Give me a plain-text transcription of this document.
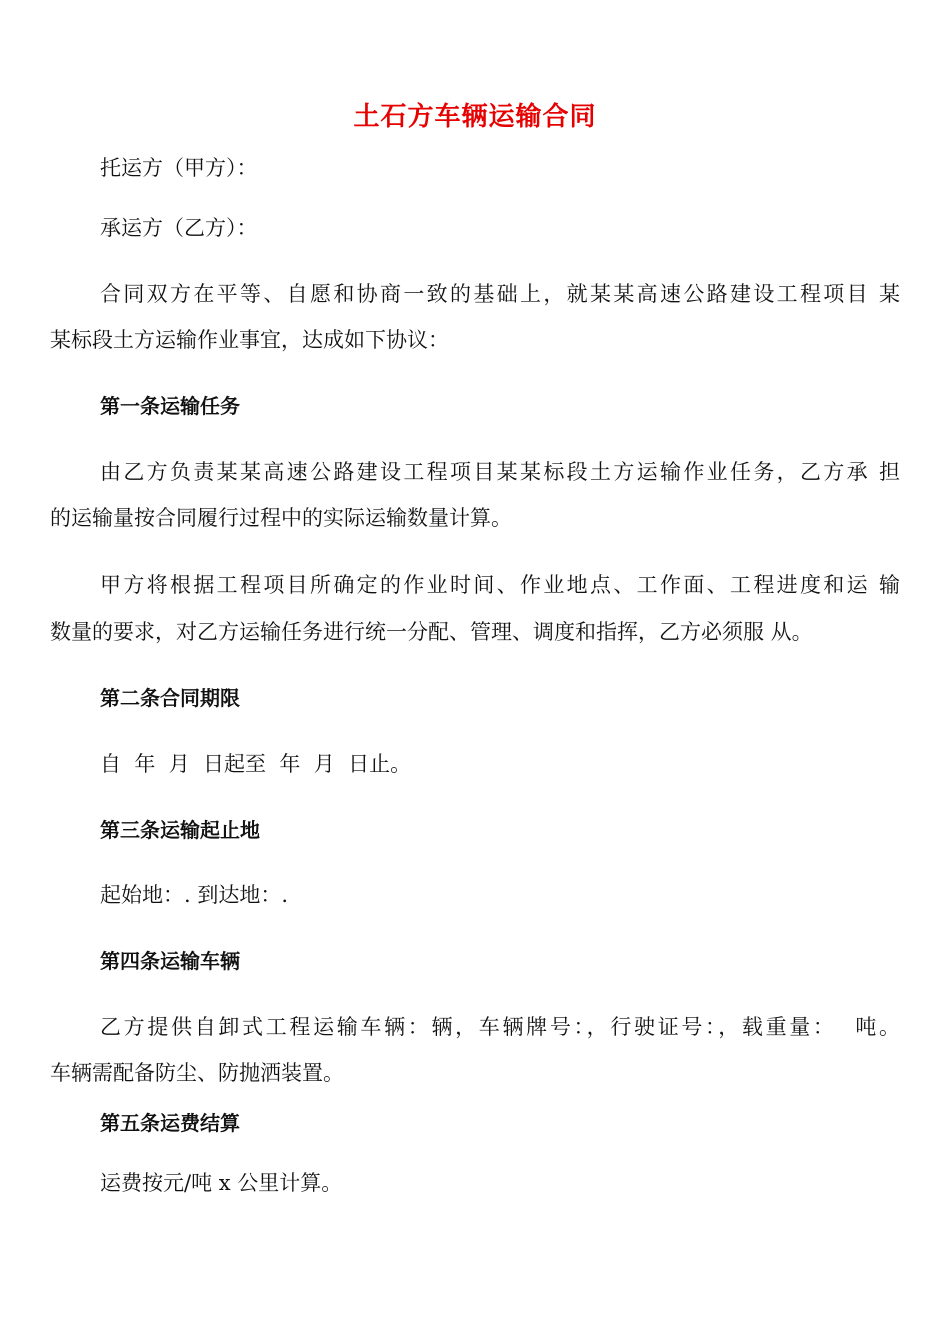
土石方车辆运输合同
托运方（甲方）：
承运方（乙方）：
合同双方在平等、自愿和协商一致的基础上，就某某高速公路建设工程项目 某
某标段土方运输作业事宜，达成如下协议：
第一条运输任务
由乙方负责某某高速公路建设工程项目某某标段土方运输作业任务，乙方承 担
的运输量按合同履行过程中的实际运输数量计算。
甲方将根据工程项目所确定的作业时间、作业地点、工作面、工程进度和运 输
数量的要求，对乙方运输任务进行统一分配、管理、调度和指挥，乙方必须服 从。
第二条合同期限
自  年  月  日起至  年  月  日止。
第三条运输起止地
起始地：. 到达地：.
第四条运输车辆
乙方提供自卸式工程运输车辆：辆，车辆牌号：，行驶证号：，载重量：  吨。
车辆需配备防尘、防抛洒装置。
第五条运费结算
运费按元/吨 x 公里计算。
